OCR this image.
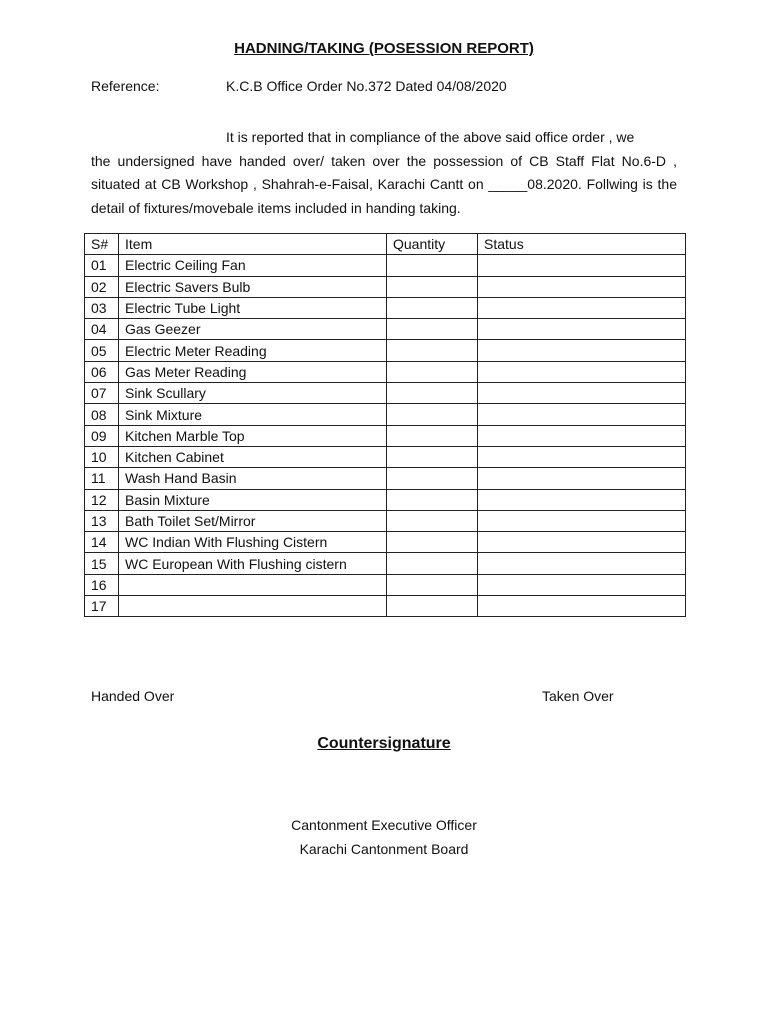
HADNING/TAKING (POSESSION REPORT)
Reference:	K.C.B Office Order No.372 Dated 04/08/2020
It is reported that in compliance of the above said office order , we
the undersigned have handed over/ taken over the possession of CB Staff Flat No.6-D , situated at CB Workshop , Shahrah-e-Faisal, Karachi Cantt on _____08.2020. Follwing is the detail of fixtures/movebale items included in handing taking.
S#	Item	Quantity	Status
01	Electric Ceiling Fan		
02	Electric Savers Bulb		
03	Electric Tube Light		
04	Gas Geezer		
05	Electric Meter Reading		
06	Gas Meter Reading		
07	Sink Scullary		
08	Sink Mixture		
09	Kitchen Marble Top		
10	Kitchen Cabinet		
11	Wash Hand Basin		
12	Basin Mixture		
13	Bath Toilet Set/Mirror		
14	WC Indian With Flushing Cistern		
15	WC European With Flushing cistern		
16			
17			
Handed Over	Taken Over
Countersignature
Cantonment Executive Officer
Karachi Cantonment Board
